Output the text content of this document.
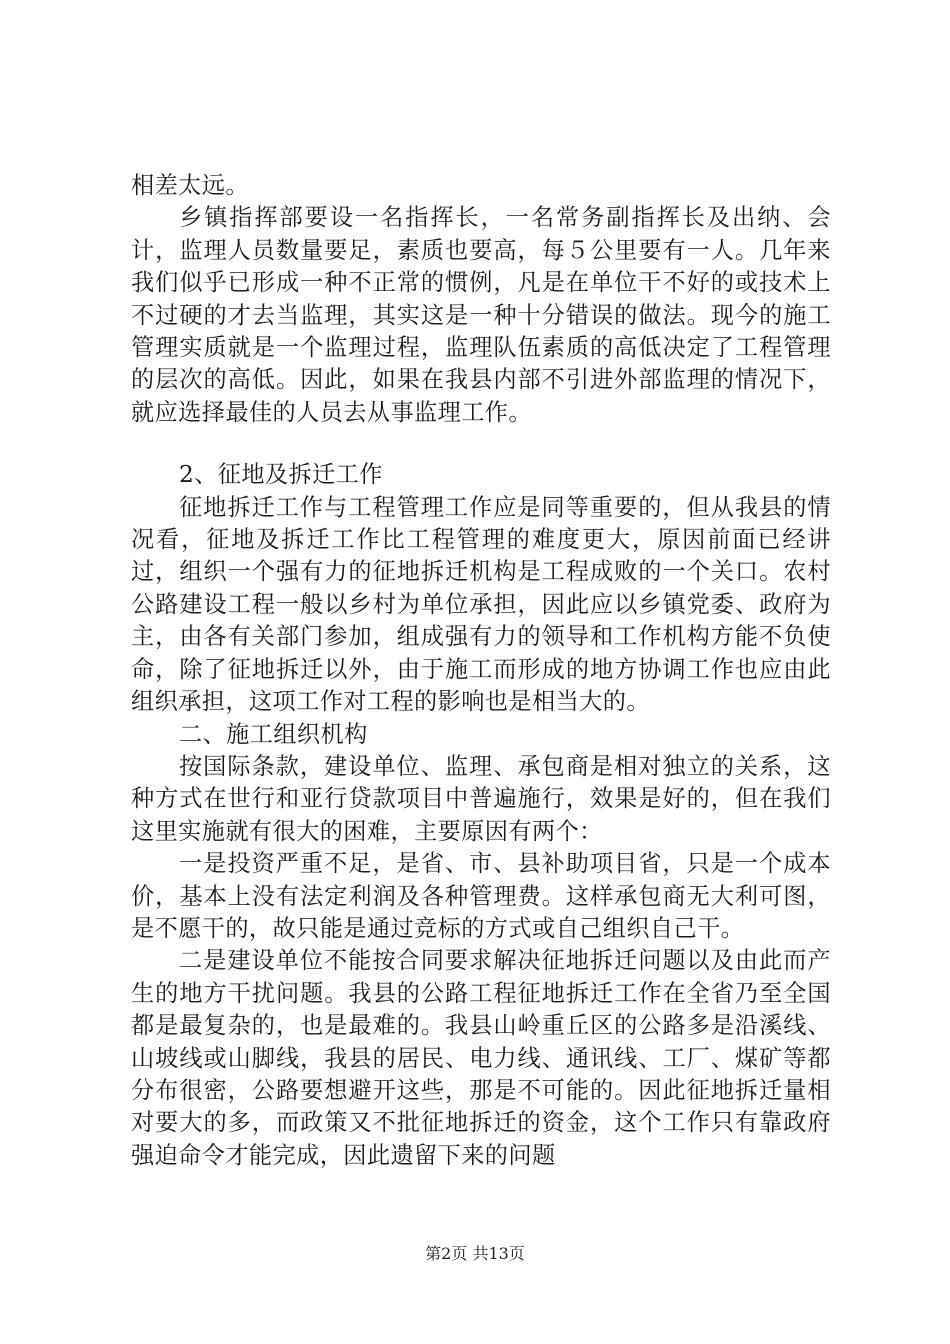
相差太远。

乡镇指挥部要设一名指挥长，一名常务副指挥长及出纳、会计，监理人员数量要足，素质也要高，每５公里要有一人。几年来我们似乎已形成一种不正常的惯例，凡是在单位干不好的或技术上不过硬的才去当监理，其实这是一种十分错误的做法。现今的施工管理实质就是一个监理过程，监理队伍素质的高低决定了工程管理的层次的高低。因此，如果在我县内部不引进外部监理的情况下，就应选择最佳的人员去从事监理工作。

2、征地及拆迁工作

征地拆迁工作与工程管理工作应是同等重要的，但从我县的情况看，征地及拆迁工作比工程管理的难度更大，原因前面已经讲过，组织一个强有力的征地拆迁机构是工程成败的一个关口。农村公路建设工程一般以乡村为单位承担，因此应以乡镇党委、政府为主，由各有关部门参加，组成强有力的领导和工作机构方能不负使命，除了征地拆迁以外，由于施工而形成的地方协调工作也应由此组织承担，这项工作对工程的影响也是相当大的。

二、施工组织机构

按国际条款，建设单位、监理、承包商是相对独立的关系，这种方式在世行和亚行贷款项目中普遍施行，效果是好的，但在我们这里实施就有很大的困难，主要原因有两个：

一是投资严重不足，是省、市、县补助项目省，只是一个成本价，基本上没有法定利润及各种管理费。这样承包商无大利可图，是不愿干的，故只能是通过竞标的方式或自己组织自己干。

二是建设单位不能按合同要求解决征地拆迁问题以及由此而产生的地方干扰问题。我县的公路工程征地拆迁工作在全省乃至全国都是最复杂的，也是最难的。我县山岭重丘区的公路多是沿溪线、山坡线或山脚线，我县的居民、电力线、通讯线、工厂、煤矿等都分布很密，公路要想避开这些，那是不可能的。因此征地拆迁量相对要大的多，而政策又不批征地拆迁的资金，这个工作只有靠政府强迫命令才能完成，因此遗留下来的问题

第2页 共13页
